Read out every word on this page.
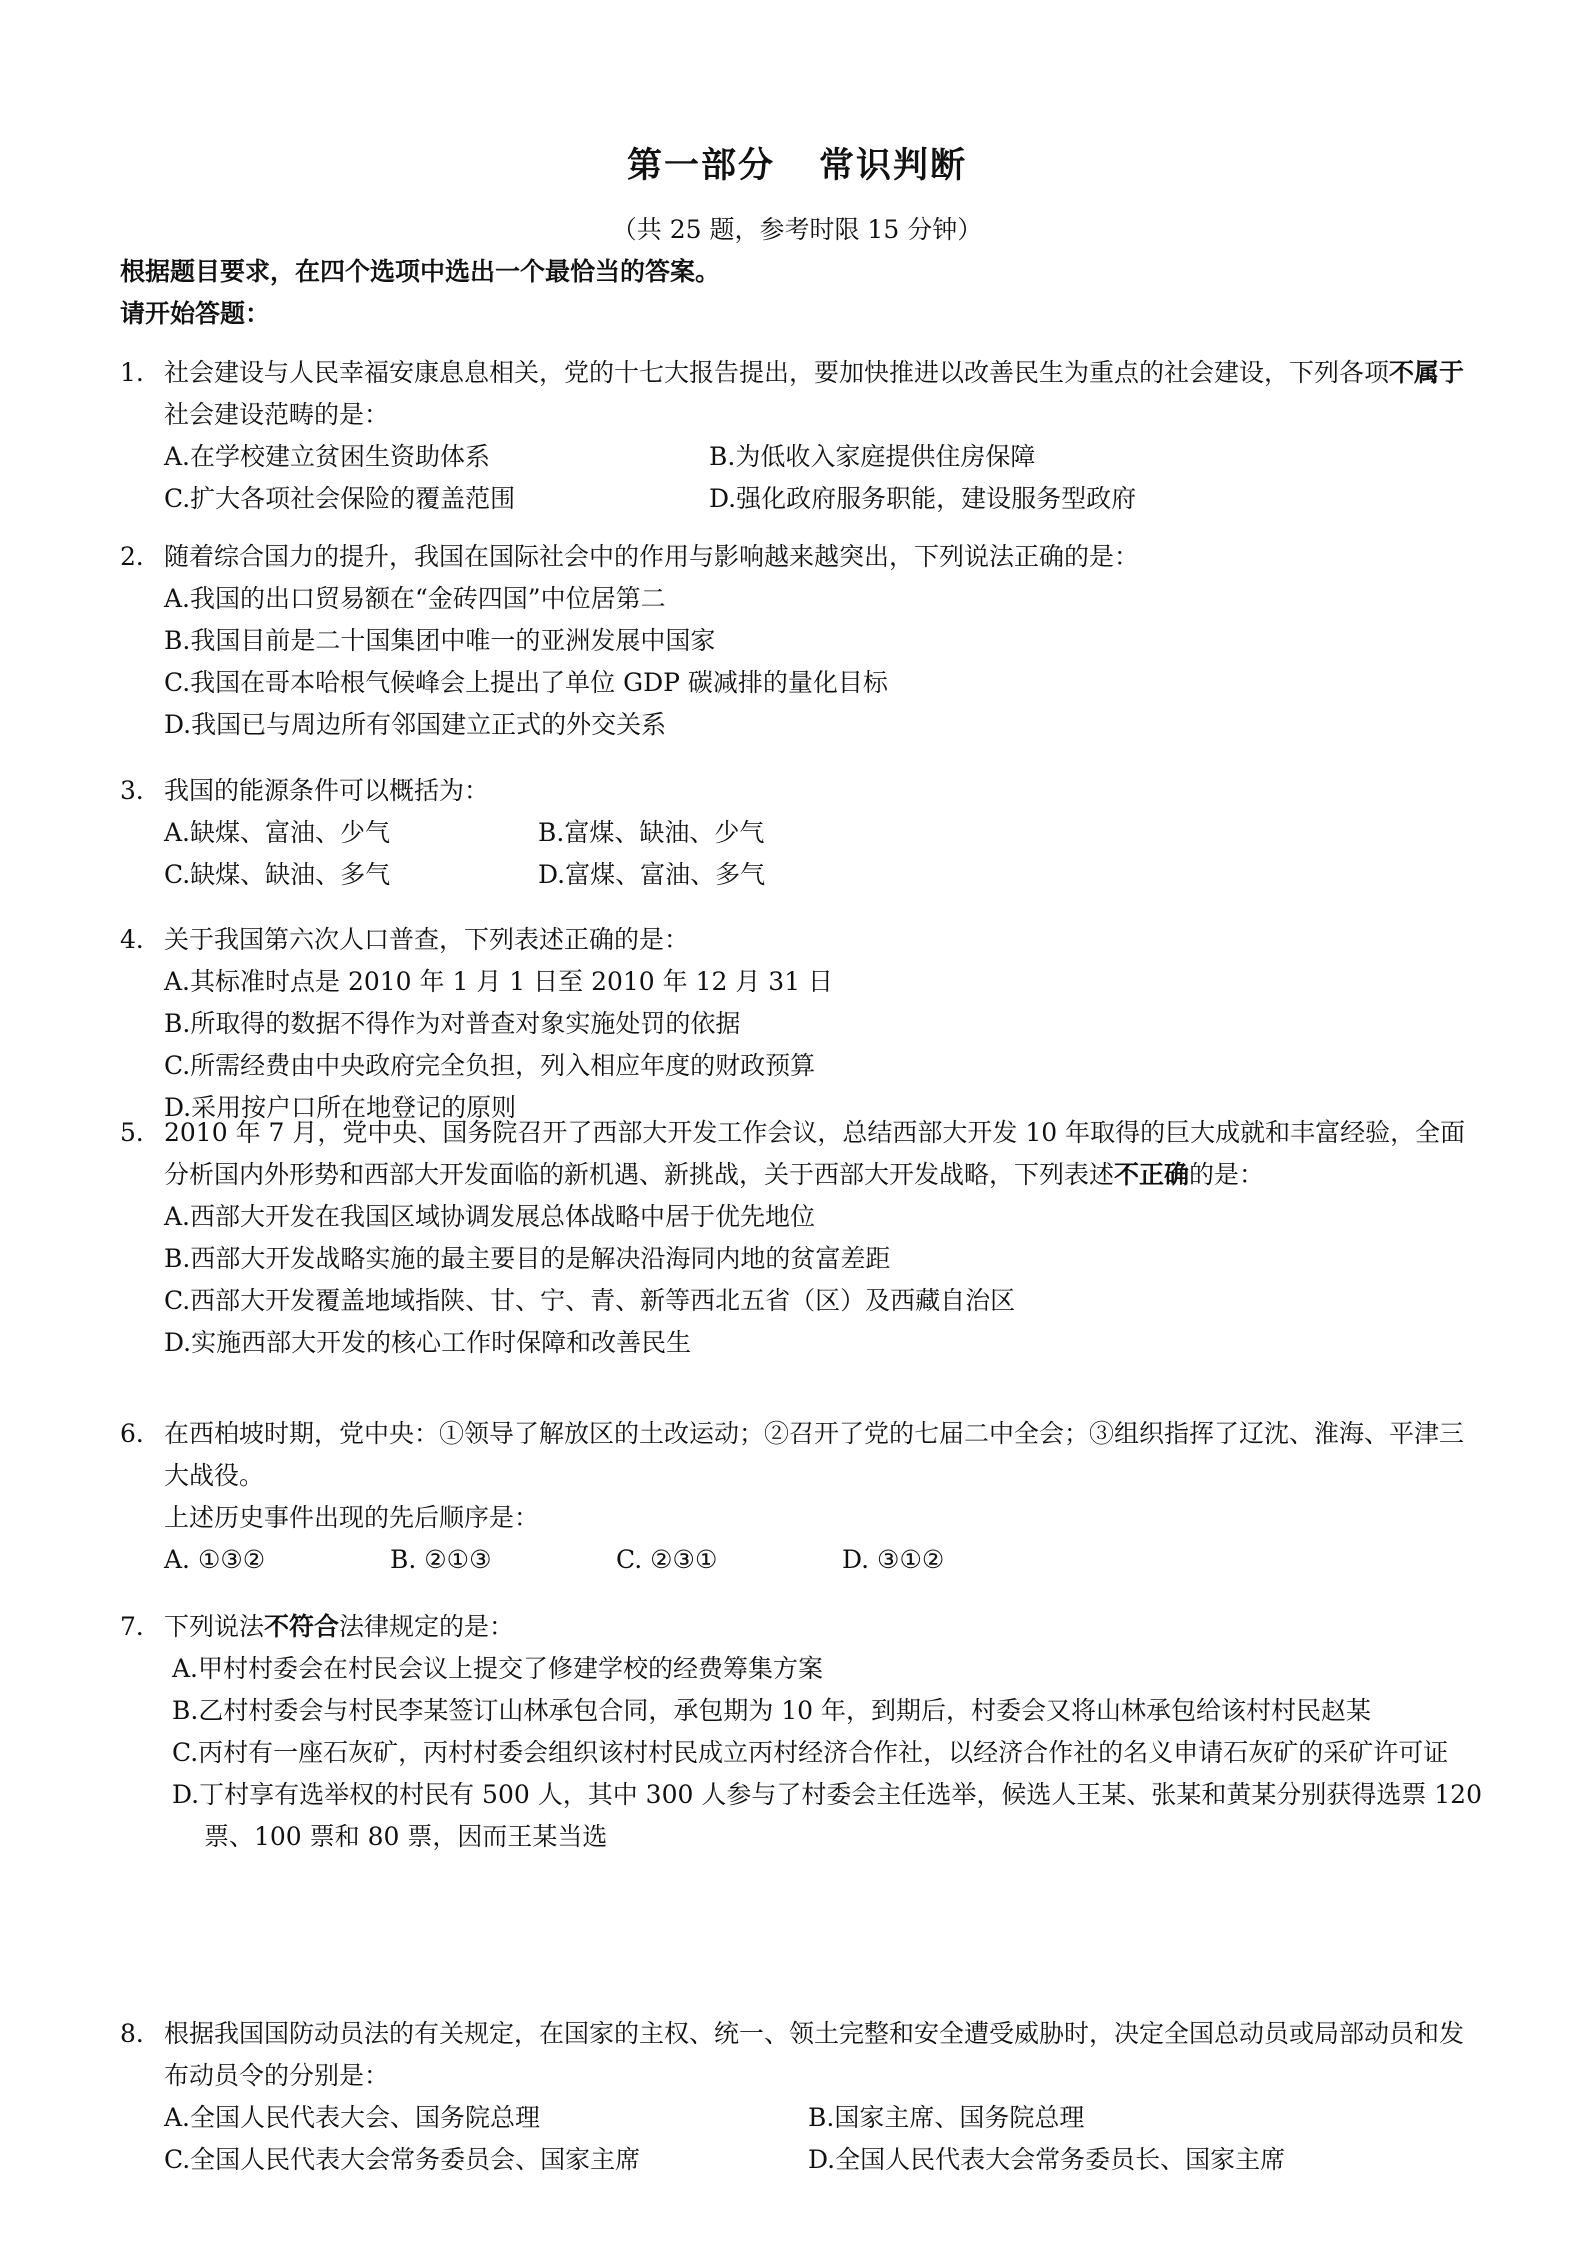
第一部分 常识判断

（共 25 题，参考时限 15 分钟）

根据题目要求，在四个选项中选出一个最恰当的答案。

请开始答题：

1. 社会建设与人民幸福安康息息相关，党的十七大报告提出，要加快推进以改善民生为重点的社会建设，下列各项不属于社会建设范畴的是：
A.在学校建立贫困生资助体系	B.为低收入家庭提供住房保障
C.扩大各项社会保险的覆盖范围	D.强化政府服务职能，建设服务型政府
2． 随着综合国力的提升，我国在国际社会中的作用与影响越来越突出，下列说法正确的是：
A.我国的出口贸易额在“金砖四国”中位居第二
B.我国目前是二十国集团中唯一的亚洲发展中国家
C.我国在哥本哈根气候峰会上提出了单位 GDP 碳减排的量化目标
D.我国已与周边所有邻国建立正式的外交关系
3． 我国的能源条件可以概括为：
A.缺煤、富油、少气	B.富煤、缺油、少气
C.缺煤、缺油、多气	D.富煤、富油、多气
4． 关于我国第六次人口普查，下列表述正确的是：
A.其标准时点是 2010 年 1 月 1 日至 2010 年 12 月 31 日
B.所取得的数据不得作为对普查对象实施处罚的依据
C.所需经费由中央政府完全负担，列入相应年度的财政预算
D.采用按户口所在地登记的原则
5． 2010 年 7 月，党中央、国务院召开了西部大开发工作会议，总结西部大开发 10 年取得的巨大成就和丰富经验，全面分析国内外形势和西部大开发面临的新机遇、新挑战，关于西部大开发战略，下列表述不正确的是：
A.西部大开发在我国区域协调发展总体战略中居于优先地位
B.西部大开发战略实施的最主要目的是解决沿海同内地的贫富差距
C.西部大开发覆盖地域指陕、甘、宁、青、新等西北五省（区）及西藏自治区
D.实施西部大开发的核心工作时保障和改善民生
6． 在西柏坡时期，党中央：①领导了解放区的土改运动；②召开了党的七届二中全会；③组织指挥了辽沈、淮海、平津三大战役。
上述历史事件出现的先后顺序是：
A. ①③②	B. ②①③	C. ②③①	D. ③①②
7． 下列说法不符合法律规定的是：
A.甲村村委会在村民会议上提交了修建学校的经费筹集方案
B.乙村村委会与村民李某签订山林承包合同，承包期为 10 年，到期后，村委会又将山林承包给该村村民赵某
C.丙村有一座石灰矿，丙村村委会组织该村村民成立丙村经济合作社，以经济合作社的名义申请石灰矿的采矿许可证
D.丁村享有选举权的村民有 500 人，其中 300 人参与了村委会主任选举，候选人王某、张某和黄某分别获得选票 120 票、100 票和 80 票，因而王某当选
8． 根据我国国防动员法的有关规定，在国家的主权、统一、领土完整和安全遭受威胁时，决定全国总动员或局部动员和发布动员令的分别是：
A.全国人民代表大会、国务院总理	B.国家主席、国务院总理
C.全国人民代表大会常务委员会、国家主席	D.全国人民代表大会常务委员长、国家主席
